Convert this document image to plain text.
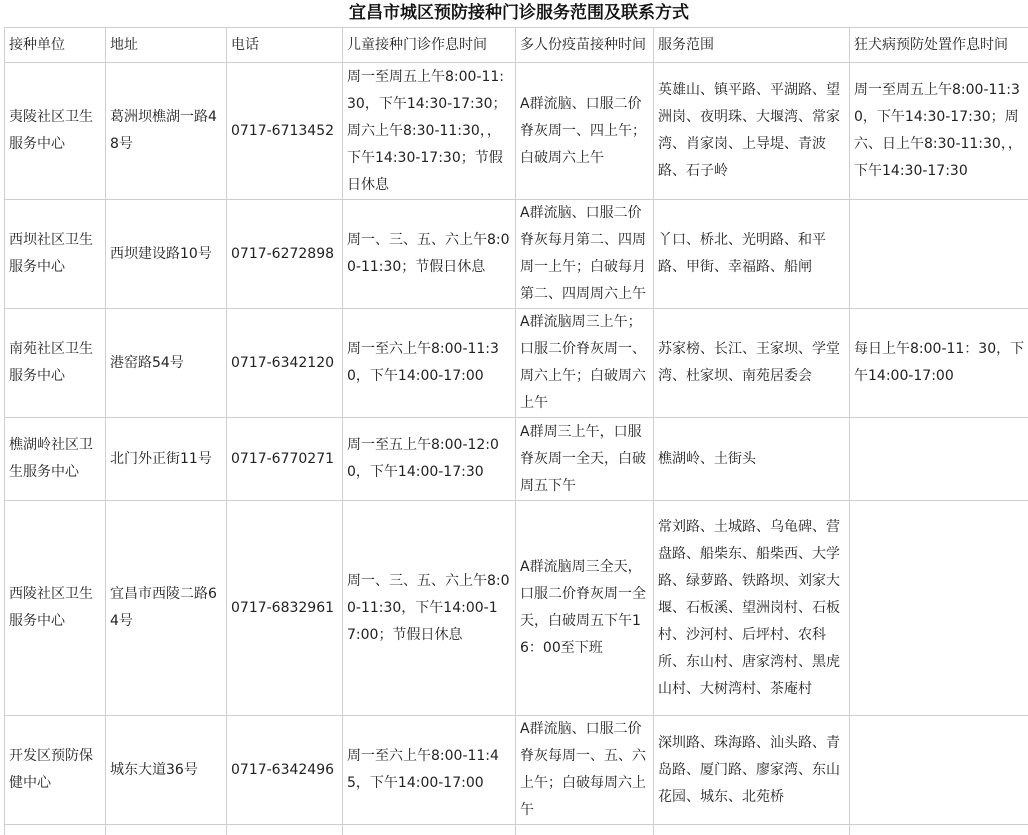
宜昌市城区预防接种门诊服务范围及联系方式
接种单位	地址	电话	儿童接种门诊作息时间	多人份疫苗接种时间	服务范围	狂犬病预防处置作息时间
夷陵社区卫生服务中心	葛洲坝樵湖一路48号	0717-6713452	周一至周五上午8:00-11:30，下午14:30-17:30；周六上午8:30-11:30，，下午14:30-17:30；节假日休息	A群流脑、口服二价脊灰周一、四上午；白破周六上午	英雄山、镇平路、平湖路、望洲岗、夜明珠、大堰湾、常家湾、肖家岗、上导堤、青波路、石子岭	周一至周五上午8:00-11:30，下午14:30-17:30；周六、日上午8:30-11:30，，下午14:30-17:30
西坝社区卫生服务中心	西坝建设路10号	0717-6272898	周一、三、五、六上午8:00-11:30；节假日休息	A群流脑、口服二价脊灰每月第二、四周周一上午；白破每月第二、四周周六上午	丫口、桥北、光明路、和平路、甲街、幸福路、船闸	
南苑社区卫生服务中心	港窑路54号	0717-6342120	周一至六上午8:00-11:30，下午14:00-17:00	A群流脑周三上午；口服二价脊灰周一、周六上午；白破周六上午	苏家榜、长江、王家坝、学堂湾、杜家坝、南苑居委会	每日上午8:00-11：30，下午14:00-17:00
樵湖岭社区卫生服务中心	北门外正街11号	0717-6770271	周一至五上午8:00-12:00，下午14:00-17:30	A群周三上午，口服脊灰周一全天，白破周五下午	樵湖岭、土街头	
西陵社区卫生服务中心	宜昌市西陵二路64号	0717-6832961	周一、三、五、六上午8:00-11:30，下午14:00-17:00；节假日休息	A群流脑周三全天，口服二价脊灰周一全天，白破周五下午16：00至下班	常刘路、土城路、乌龟碑、营盘路、船柴东、船柴西、大学路、绿萝路、铁路坝、刘家大堰、石板溪、望洲岗村、石板村、沙河村、后坪村、农科所、东山村、唐家湾村、黑虎山村、大树湾村、茶庵村	
开发区预防保健中心	城东大道36号	0717-6342496	周一至六上午8:00-11:45，下午14:00-17:00	A群流脑、口服二价脊灰每周一、五、六上午；白破每周六上午	深圳路、珠海路、汕头路、青岛路、厦门路、廖家湾、东山花园、城东、北苑桥	
